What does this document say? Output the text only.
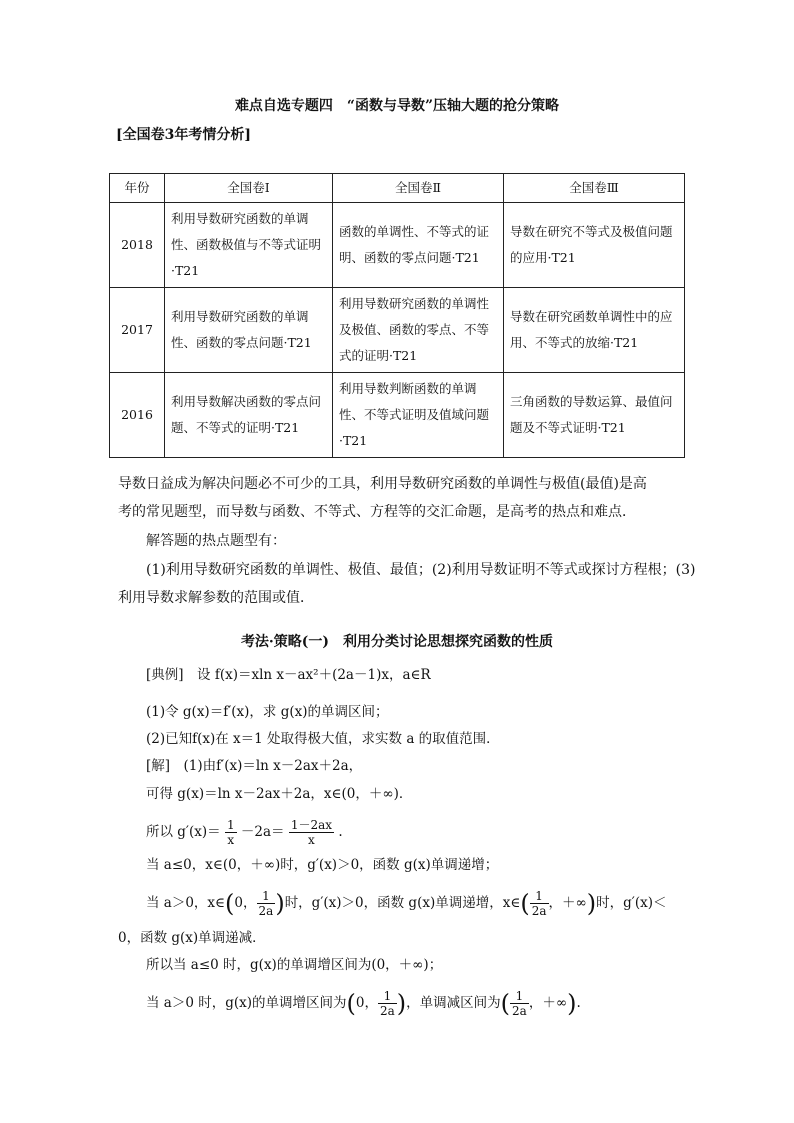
难点自选专题四　“函数与导数”压轴大题的抢分策略
[全国卷3年考情分析]
年份	全国卷Ⅰ	全国卷Ⅱ	全国卷Ⅲ
2018	利用导数研究函数的单调性、函数极值与不等式证明·T21	函数的单调性、不等式的证明、函数的零点问题·T21	导数在研究不等式及极值问题的应用·T21
2017	利用导数研究函数的单调性、函数的零点问题·T21	利用导数研究函数的单调性及极值、函数的零点、不等式的证明·T21	导数在研究函数单调性中的应用、不等式的放缩·T21
2016	利用导数解决函数的零点问题、不等式的证明·T21	利用导数判断函数的单调性、不等式证明及值域问题·T21	三角函数的导数运算、最值问题及不等式证明·T21
导数日益成为解决问题必不可少的工具，利用导数研究函数的单调性与极值(最值)是高
考的常见题型，而导数与函数、不等式、方程等的交汇命题，是高考的热点和难点．
解答题的热点题型有：
(1)利用导数研究函数的单调性、极值、最值；(2)利用导数证明不等式或探讨方程根；(3)
利用导数求解参数的范围或值．
考法·策略(一)　利用分类讨论思想探究函数的性质
[典例]　设 f(x)＝xln x－ax²＋(2a－1)x，a∈R
(1)令 g(x)＝f′(x)，求 g(x)的单调区间；
(2)已知f(x)在 x＝1 处取得极大值，求实数 a 的取值范围．
[解]　(1)由f′(x)＝ln x－2ax＋2a，
可得 g(x)＝ln x－2ax＋2a，x∈(0，＋∞)．
所以 $g'(x)= \frac{1}{x} -2a= \frac{1-2ax}{x}$ .
当 a≤0，x∈(0，＋∞)时，g′(x)＞0，函数 g(x)单调递增；
当 a＞0，x∈(0， $\frac{1}{2a}$ )时，g′(x)＞0，函数 g(x)单调递增，x∈( $\frac{1}{2a}$ ，＋∞)时，g′(x)＜
0，函数 g(x)单调递减．
所以当 a≤0 时，g(x)的单调增区间为(0，＋∞)；
当 a＞0 时，g(x)的单调增区间为(0， $\frac{1}{2a}$ )，单调减区间为( $\frac{1}{2a}$ ，＋∞).
